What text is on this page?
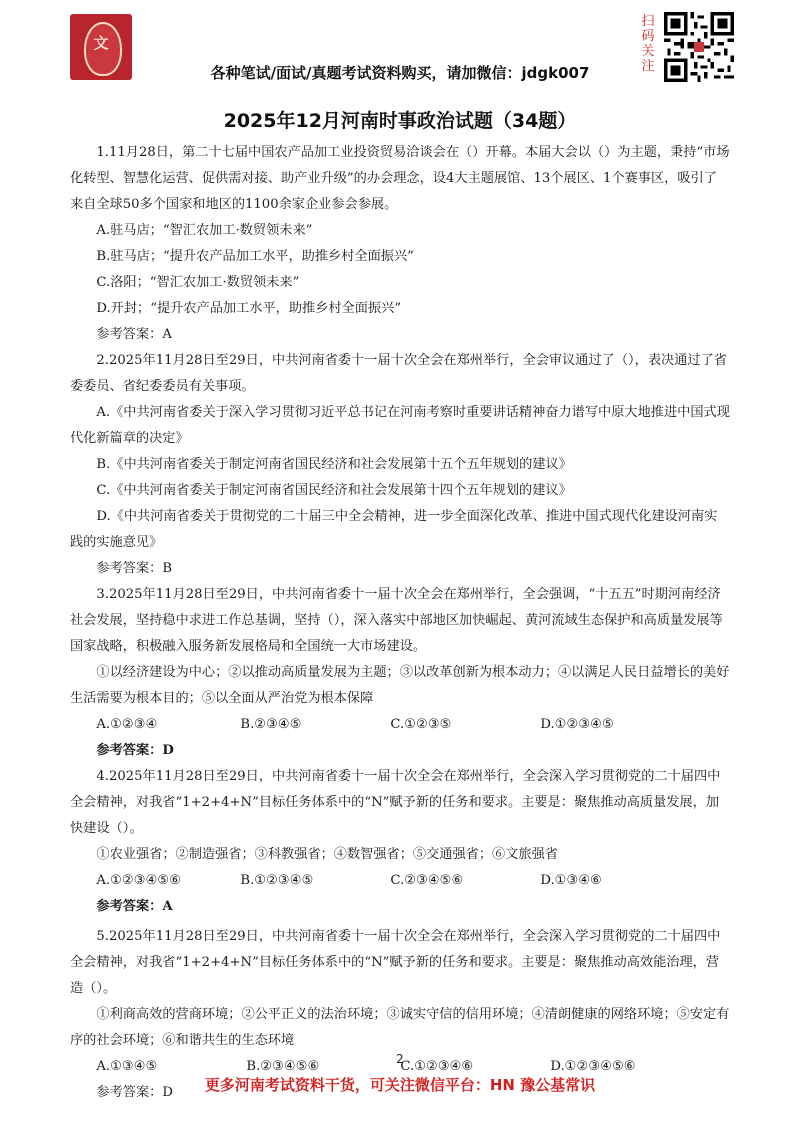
文
各种笔试/面试/真题考试资料购买，请加微信：jdgk007
扫码关注
2025年12月河南时事政治试题（34题）

1.11月28日，第二十七届中国农产品加工业投资贸易洽谈会在（）开幕。本届大会以（）为主题，秉持“市场化转型、智慧化运营、促供需对接、助产业升级”的办会理念，设4大主题展馆、13个展区、1个赛事区，吸引了来自全球50多个国家和地区的1100余家企业参会参展。

A.驻马店；“智汇农加工·数贸领未来”

B.驻马店；“提升农产品加工水平，助推乡村全面振兴”

C.洛阳；“智汇农加工·数贸领未来”

D.开封；“提升农产品加工水平，助推乡村全面振兴”

参考答案：A

2.2025年11月28日至29日，中共河南省委十一届十次全会在郑州举行，全会审议通过了（），表决通过了省委委员、省纪委委员有关事项。

A.《中共河南省委关于深入学习贯彻习近平总书记在河南考察时重要讲话精神奋力谱写中原大地推进中国式现代化新篇章的决定》

B.《中共河南省委关于制定河南省国民经济和社会发展第十五个五年规划的建议》

C.《中共河南省委关于制定河南省国民经济和社会发展第十四个五年规划的建议》

D.《中共河南省委关于贯彻党的二十届三中全会精神，进一步全面深化改革、推进中国式现代化建设河南实践的实施意见》

参考答案：B

3.2025年11月28日至29日，中共河南省委十一届十次全会在郑州举行，全会强调，“十五五”时期河南经济社会发展，坚持稳中求进工作总基调，坚持（），深入落实中部地区加快崛起、黄河流域生态保护和高质量发展等国家战略，积极融入服务新发展格局和全国统一大市场建设。

①以经济建设为中心；②以推动高质量发展为主题；③以改革创新为根本动力；④以满足人民日益增长的美好生活需要为根本目的；⑤以全面从严治党为根本保障

A.①②③④	B.②③④⑤	C.①②③⑤	D.①②③④⑤

参考答案：D

4.2025年11月28日至29日，中共河南省委十一届十次全会在郑州举行，全会深入学习贯彻党的二十届四中全会精神，对我省“1+2+4+N”目标任务体系中的“N”赋予新的任务和要求。主要是：聚焦推动高质量发展，加快建设（）。

①农业强省；②制造强省；③科教强省；④数智强省；⑤交通强省；⑥文旅强省

A.①②③④⑤⑥	B.①②③④⑤	C.②③④⑤⑥	D.①③④⑥

参考答案：A

5.2025年11月28日至29日，中共河南省委十一届十次全会在郑州举行，全会深入学习贯彻党的二十届四中全会精神，对我省“1+2+4+N”目标任务体系中的“N”赋予新的任务和要求。主要是：聚焦推动高效能治理，营造（）。

①利商高效的营商环境；②公平正义的法治环境；③诚实守信的信用环境；④清朗健康的网络环境；⑤安定有序的社会环境；⑥和谐共生的生态环境

A.①③④⑤	B.②③④⑤⑥	C.①②③④⑥	D.①②③④⑤⑥

参考答案：D

2
更多河南考试资料干货，可关注微信平台：HN 豫公基常识
